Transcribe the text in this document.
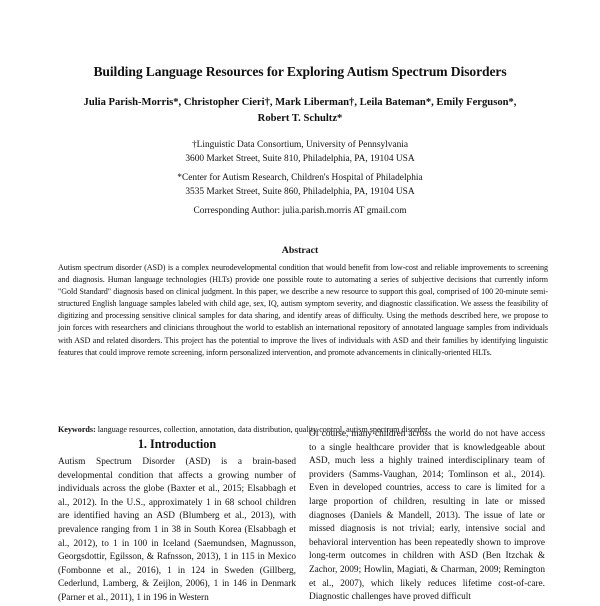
Building Language Resources for Exploring Autism Spectrum Disorders
Julia Parish-Morris*, Christopher Cieri†, Mark Liberman†, Leila Bateman*, Emily Ferguson*,
Robert T. Schultz*
†Linguistic Data Consortium, University of Pennsylvania
3600 Market Street, Suite 810, Philadelphia, PA, 19104 USA
*Center for Autism Research, Children's Hospital of Philadelphia
3535 Market Street, Suite 860, Philadelphia, PA, 19104 USA
Corresponding Author: julia.parish.morris AT gmail.com
Abstract
Autism spectrum disorder (ASD) is a complex neurodevelopmental condition that would benefit from low-cost and reliable improvements to screening and diagnosis. Human language technologies (HLTs) provide one possible route to automating a series of subjective decisions that currently inform "Gold Standard" diagnosis based on clinical judgment. In this paper, we describe a new resource to support this goal, comprised of 100 20-minute semi-structured English language samples labeled with child age, sex, IQ, autism symptom severity, and diagnostic classification. We assess the feasibility of digitizing and processing sensitive clinical samples for data sharing, and identify areas of difficulty. Using the methods described here, we propose to join forces with researchers and clinicians throughout the world to establish an international repository of annotated language samples from individuals with ASD and related disorders. This project has the potential to improve the lives of individuals with ASD and their families by identifying linguistic features that could improve remote screening, inform personalized intervention, and promote advancements in clinically-oriented HLTs.
Keywords: language resources, collection, annotation, data distribution, quality control, autism spectrum disorder
1. Introduction

Autism Spectrum Disorder (ASD) is a brain-based developmental condition that affects a growing number of individuals across the globe (Baxter et al., 2015; Elsabbagh et al., 2012). In the U.S., approximately 1 in 68 school children are identified having an ASD (Blumberg et al., 2013), with prevalence ranging from 1 in 38 in South Korea (Elsabbagh et al., 2012), to 1 in 100 in Iceland (Saemundsen, Magnusson, Georgsdottir, Egilsson, & Rafnsson, 2013), 1 in 115 in Mexico (Fombonne et al., 2016), 1 in 124 in Sweden (Gillberg, Cederlund, Lamberg, & Zeijlon, 2006), 1 in 146 in Denmark (Parner et al., 2011), 1 in 196 in Western

Of course, many children across the world do not have access to a single healthcare provider that is knowledgeable about ASD, much less a highly trained interdisciplinary team of providers (Samms-Vaughan, 2014; Tomlinson et al., 2014). Even in developed countries, access to care is limited for a large proportion of children, resulting in late or missed diagnoses (Daniels & Mandell, 2013). The issue of late or missed diagnosis is not trivial; early, intensive social and behavioral intervention has been repeatedly shown to improve long-term outcomes in children with ASD (Ben Itzchak & Zachor, 2009; Howlin, Magiati, & Charman, 2009; Remington et al., 2007), which likely reduces lifetime cost-of-care. Diagnostic challenges have proved difficult
